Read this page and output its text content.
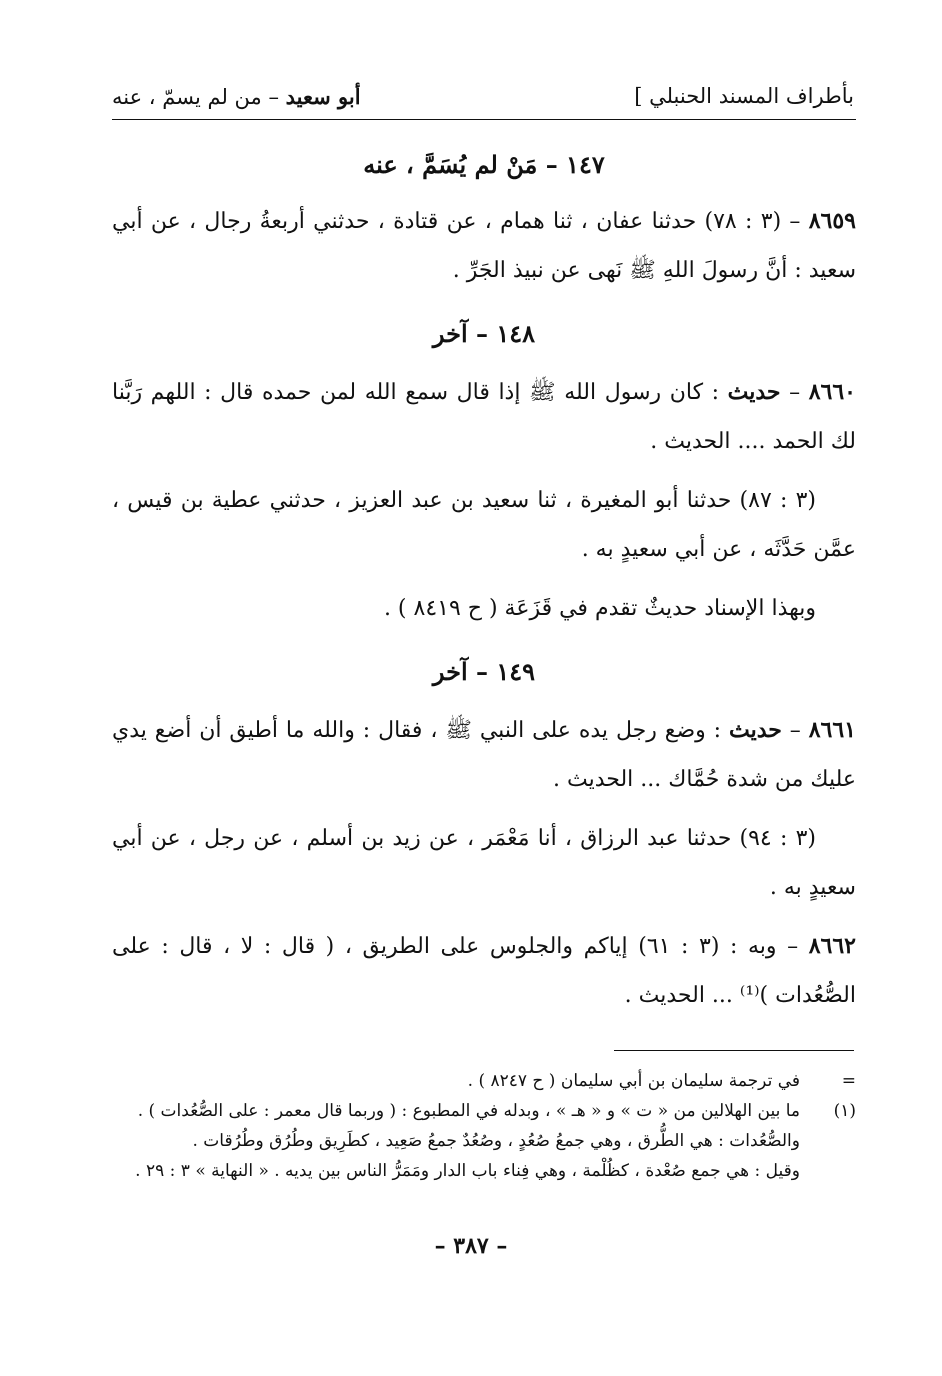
بأطراف المسند الحنبلي ]
أبو سعيد – من لم يسمّ ، عنه

١٤٧ – مَنْ لم يُسَمَّ ، عنه

٨٦٥٩ – (٣ : ٧٨) حدثنا عفان ، ثنا همام ، عن قتادة ، حدثني أربعةُ رجال ، عن أبي سعيد : أنَّ رسولَ اللهِ ﷺ نَهى عن نبيذ الجَرِّ .

١٤٨ – آخر

٨٦٦٠ – حديث : كان رسول الله ﷺ إذا قال سمع الله لمن حمده قال : اللهم رَبَّنا لك الحمد .... الحديث .

(٣ : ٨٧) حدثنا أبو المغيرة ، ثنا سعيد بن عبد العزيز ، حدثني عطية بن قيس ، عمَّن حَدَّثَه ، عن أبي سعيدٍ به .

وبهذا الإسناد حديثٌ تقدم في قَزَعَة ( ح ٨٤١٩ ) .

١٤٩ – آخر

٨٦٦١ – حديث : وضع رجل يده على النبي ﷺ ، فقال : والله ما أطيق أن أضع يدي عليك من شدة حُمَّاك ... الحديث .

(٣ : ٩٤) حدثنا عبد الرزاق ، أنا مَعْمَر ، عن زيد بن أسلم ، عن رجل ، عن أبي سعيدٍ به .

٨٦٦٢ – وبه : (٣ : ٦١) إياكم والجلوس على الطريق ، ( قال : لا ، قال : على الصُّعُدات )⁽¹⁾ ... الحديث .

=في ترجمة سليمان بن أبي سليمان ( ح ٨٢٤٧ ) .

(١)ما بين الهلالين من « ت » و « هـ » ، وبدله في المطبوع : ( وربما قال معمر : على الصُّعُدات ) .

والصُّعُدات : هي الطُّرق ، وهي جمعُ صُعُدٍ ، وصُعُدٌ جمعُ صَعِيد ، كطَرِيق وطُرُق وطُرُقات .

وقيل : هي جمع صُعْدة ، كظُلْمة ، وهي فِناء باب الدار ومَمَرُّ الناس بين يديه . « النهاية » ٣ : ٢٩ .

– ٣٨٧ –
